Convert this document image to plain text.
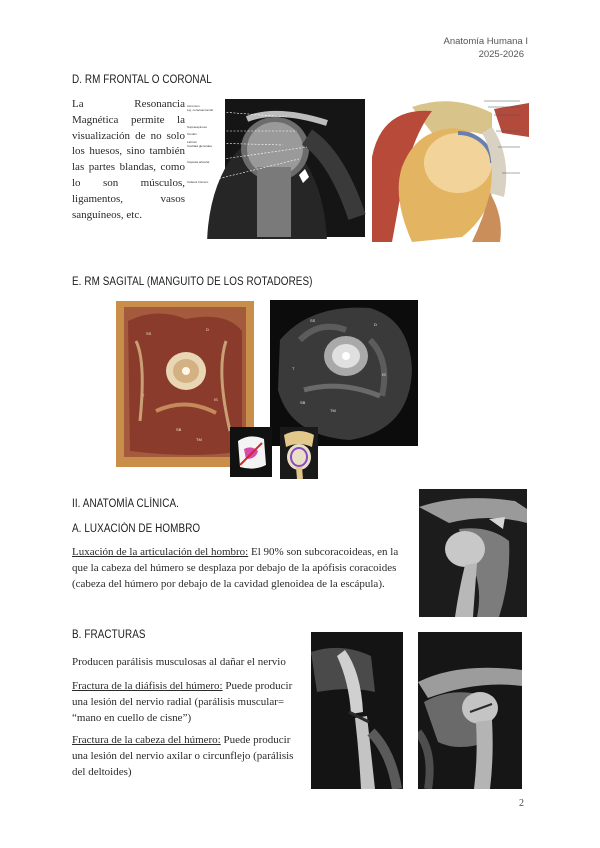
Anatomía Humana I
2025-2026
D. RM FRONTAL O CORONAL
La Resonancia Magnética permite la visualización de no solo los huesos, sino también las partes blandas, como lo son músculos, ligamentos, vasos sanguíneos, etc.
Acromion
Lig. coracoacromial
Supraespinoso
Tendón
Labrum
Cavidad glenoidea
Cápsula articular
Cabeza húmero
E. RM SAGITAL (MANGUITO DE LOS ROTADORES)
SS
D
T
IS
SB
TM
SS
D
T
IS
TM
SB
II. ANATOMÍA CLÍNICA.
A. LUXACIÓN DE HOMBRO
Luxación de la articulación del hombro: El 90% son subcoracoideas, en la que la cabeza del húmero se desplaza por debajo de la apófisis coracoides (cabeza del húmero por debajo de la cavidad glenoidea de la escápula).
B. FRACTURAS
Producen parálisis musculosas al dañar el nervio
Fractura de la diáfisis del húmero: Puede producir una lesión del nervio radial (parálisis muscular= “mano en cuello de cisne”)
Fractura de la cabeza del húmero: Puede producir una lesión del nervio axilar o circunflejo (parálisis del deltoides)
2
